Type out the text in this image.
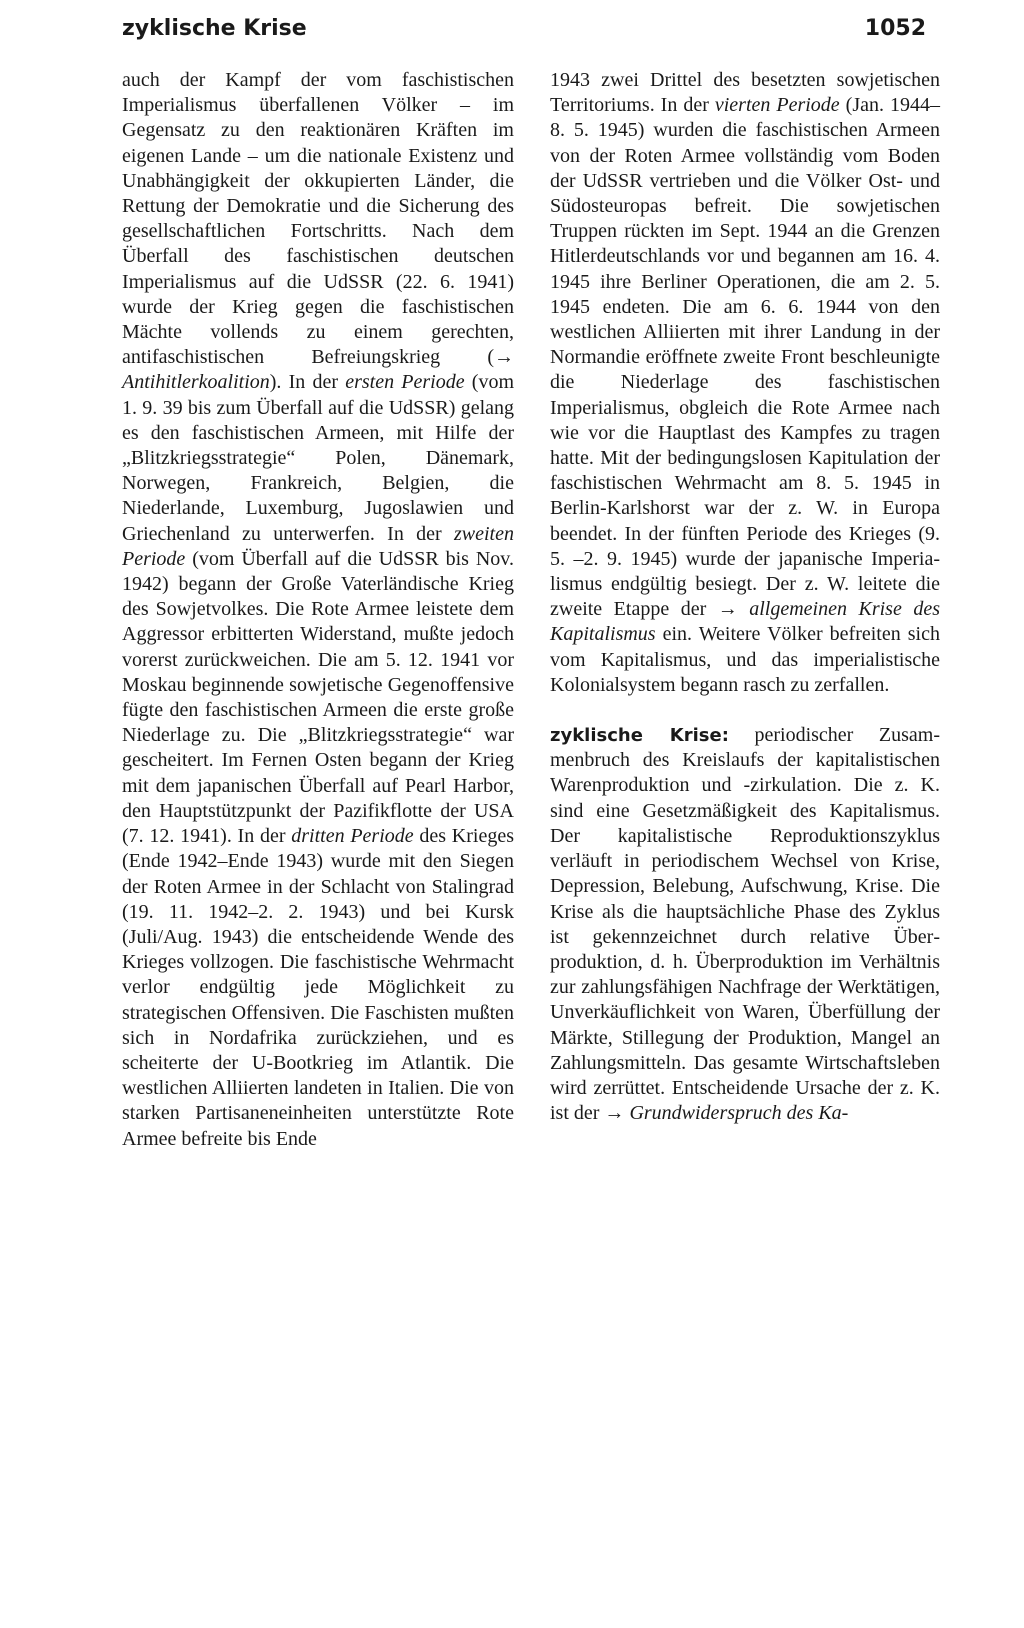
zyklische Krise	1052

auch der Kampf der vom faschistischen Imperialismus überfallenen Völker – im Gegensatz zu den reaktionären Kräften im eigenen Lande – um die nationale Existenz und Unabhängigkeit der okkupierten Länder, die Rettung der Demokratie und die Sicherung des gesellschaftlichen Fortschritts. Nach dem Überfall des faschistischen deutschen Imperialismus auf die UdSSR (22. 6. 1941) wurde der Krieg gegen die faschistischen Mächte vollends zu einem gerechten, antifaschistischen Befreiungskrieg (→ Antihitlerkoalition). In der ersten Periode (vom 1. 9. 39 bis zum Überfall auf die UdSSR) gelang es den faschistischen Armeen, mit Hilfe der „Blitzkriegsstrategie“ Polen, Dänemark, Norwegen, Frankreich, Belgien, die Niederlande, Luxemburg, Jugoslawien und Griechenland zu unterwerfen. In der zweiten Periode (vom Überfall auf die UdSSR bis Nov. 1942) begann der Große Vaterländische Krieg des Sowjetvolkes. Die Rote Armee leistete dem Aggressor erbitterten Widerstand, mußte jedoch vorerst zurückweichen. Die am 5. 12. 1941 vor Moskau beginnende sowjetische Gegenoffensive fügte den faschistischen Armeen die erste große Niederlage zu. Die „Blitzkriegsstrategie“ war gescheitert. Im Fernen Osten begann der Krieg mit dem japanischen Überfall auf Pearl Harbor, den Hauptstützpunkt der Pazifikflotte der USA (7. 12. 1941). In der dritten Periode des Krieges (Ende 1942–Ende 1943) wurde mit den Siegen der Roten Armee in der Schlacht von Stalingrad (19. 11. 1942–2. 2. 1943) und bei Kursk (Juli/Aug. 1943) die entscheidende Wende des Krieges vollzogen. Die faschistische Wehrmacht verlor endgültig jede Möglichkeit zu strategischen Offensiven. Die Faschisten mußten sich in Nordafrika zurückziehen, und es scheiterte der U-Bootkrieg im Atlantik. Die westlichen Alliierten landeten in Italien. Die von starken Partisaneneinheiten unterstützte Rote Armee befreite bis Ende

1943 zwei Drittel des besetzten sowjetischen Territoriums. In der vierten Periode (Jan. 1944–8. 5. 1945) wurden die faschistischen Armeen von der Roten Armee vollständig vom Boden der UdSSR vertrieben und die Völker Ost- und Südosteuropas befreit. Die sowjetischen Truppen rückten im Sept. 1944 an die Grenzen Hitlerdeutschlands vor und begannen am 16. 4. 1945 ihre Berliner Operationen, die am 2. 5. 1945 endeten. Die am 6. 6. 1944 von den westlichen Alliierten mit ihrer Landung in der Normandie eröffnete zweite Front beschleunigte die Niederlage des faschistischen Imperialismus, obgleich die Rote Armee nach wie vor die Hauptlast des Kampfes zu tragen hatte. Mit der bedingungslosen Kapitulation der faschistischen Wehrmacht am 8. 5. 1945 in Berlin-Karlshorst war der z. W. in Europa beendet. In der fünften Periode des Krieges (9. 5. –2. 9. 1945) wurde der japanische Imperialismus endgültig besiegt. Der z. W. leitete die zweite Etappe der → allgemeinen Krise des Kapitalismus ein. Weitere Völker befreiten sich vom Kapitalismus, und das imperialistische Kolonialsystem begann rasch zu zerfallen.

zyklische Krise: periodischer Zusammenbruch des Kreislaufs der kapitalistischen Warenproduktion und -zirkulation. Die z. K. sind eine Gesetzmäßigkeit des Kapitalismus. Der kapitalistische Reproduktionszyklus verläuft in periodischem Wechsel von Krise, Depression, Belebung, Aufschwung, Krise. Die Krise als die hauptsächliche Phase des Zyklus ist gekennzeichnet durch relative Überproduktion, d. h. Überproduktion im Verhältnis zur zahlungsfähigen Nachfrage der Werktätigen, Unverkäuflichkeit von Waren, Überfüllung der Märkte, Stillegung der Produktion, Mangel an Zahlungsmitteln. Das gesamte Wirtschaftsleben wird zerrüttet. Entscheidende Ursache der z. K. ist der → Grundwiderspruch des Ka-
